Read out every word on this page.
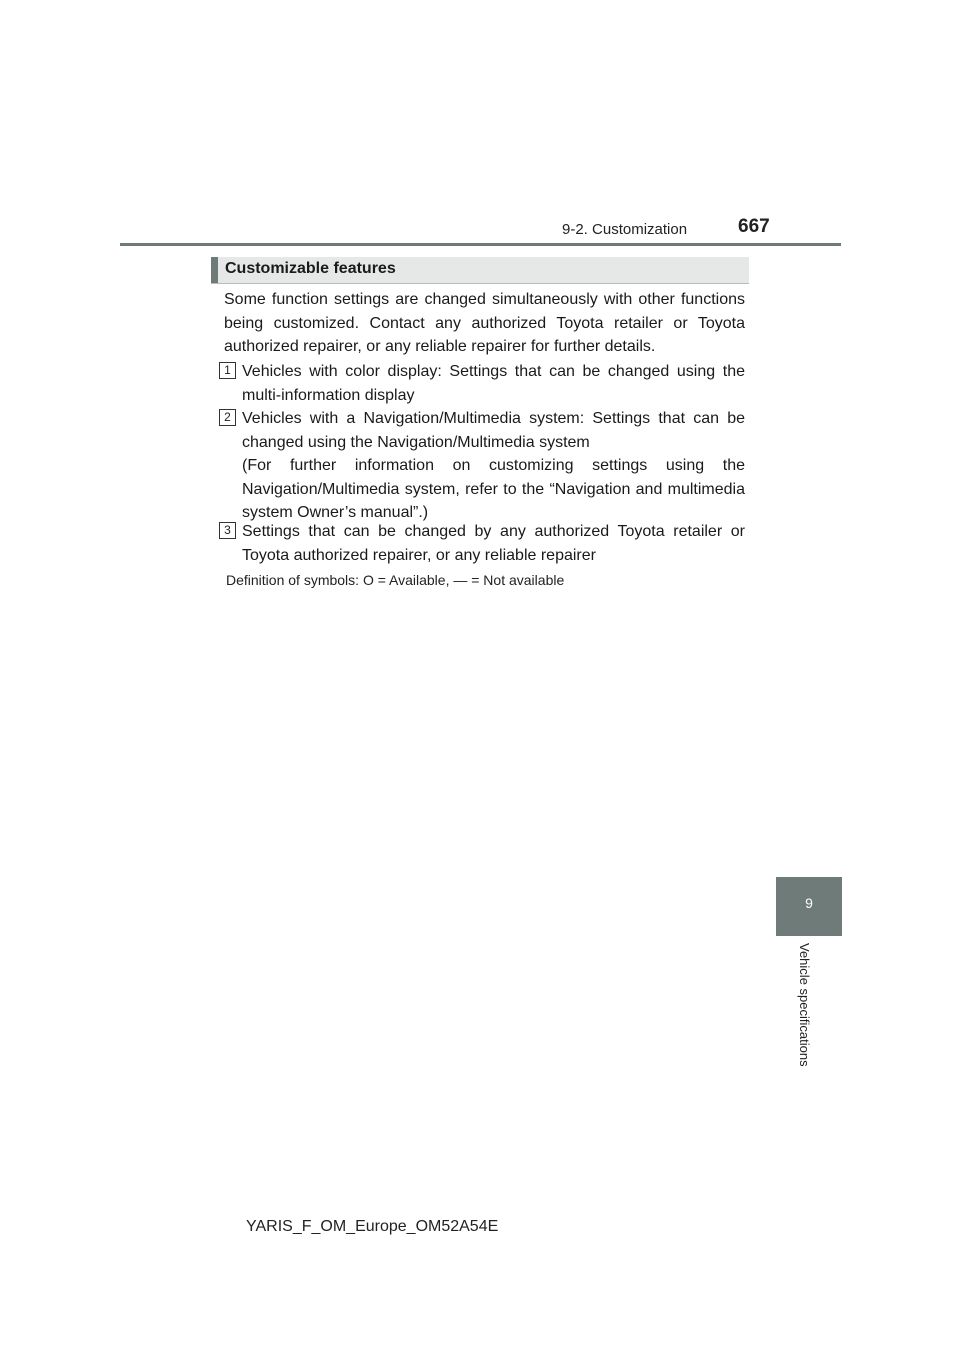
9-2. Customization	667
Customizable features

Some function settings are changed simultaneously with other functions being customized. Contact any authorized Toyota retailer or Toyota authorized repairer, or any reliable repairer for further details.

1 Vehicles with color display: Settings that can be changed using the multi-information display

2 Vehicles with a Navigation/Multimedia system: Settings that can be changed using the Navigation/Multimedia system

(For further information on customizing settings using the Navigation/Multimedia system, refer to the “Navigation and multimedia system Owner’s manual”.)

3 Settings that can be changed by any authorized Toyota retailer or Toyota authorized repairer, or any reliable repairer

Definition of symbols: O = Available, — = Not available
9
Vehicle specifications
YARIS_F_OM_Europe_OM52A54E
